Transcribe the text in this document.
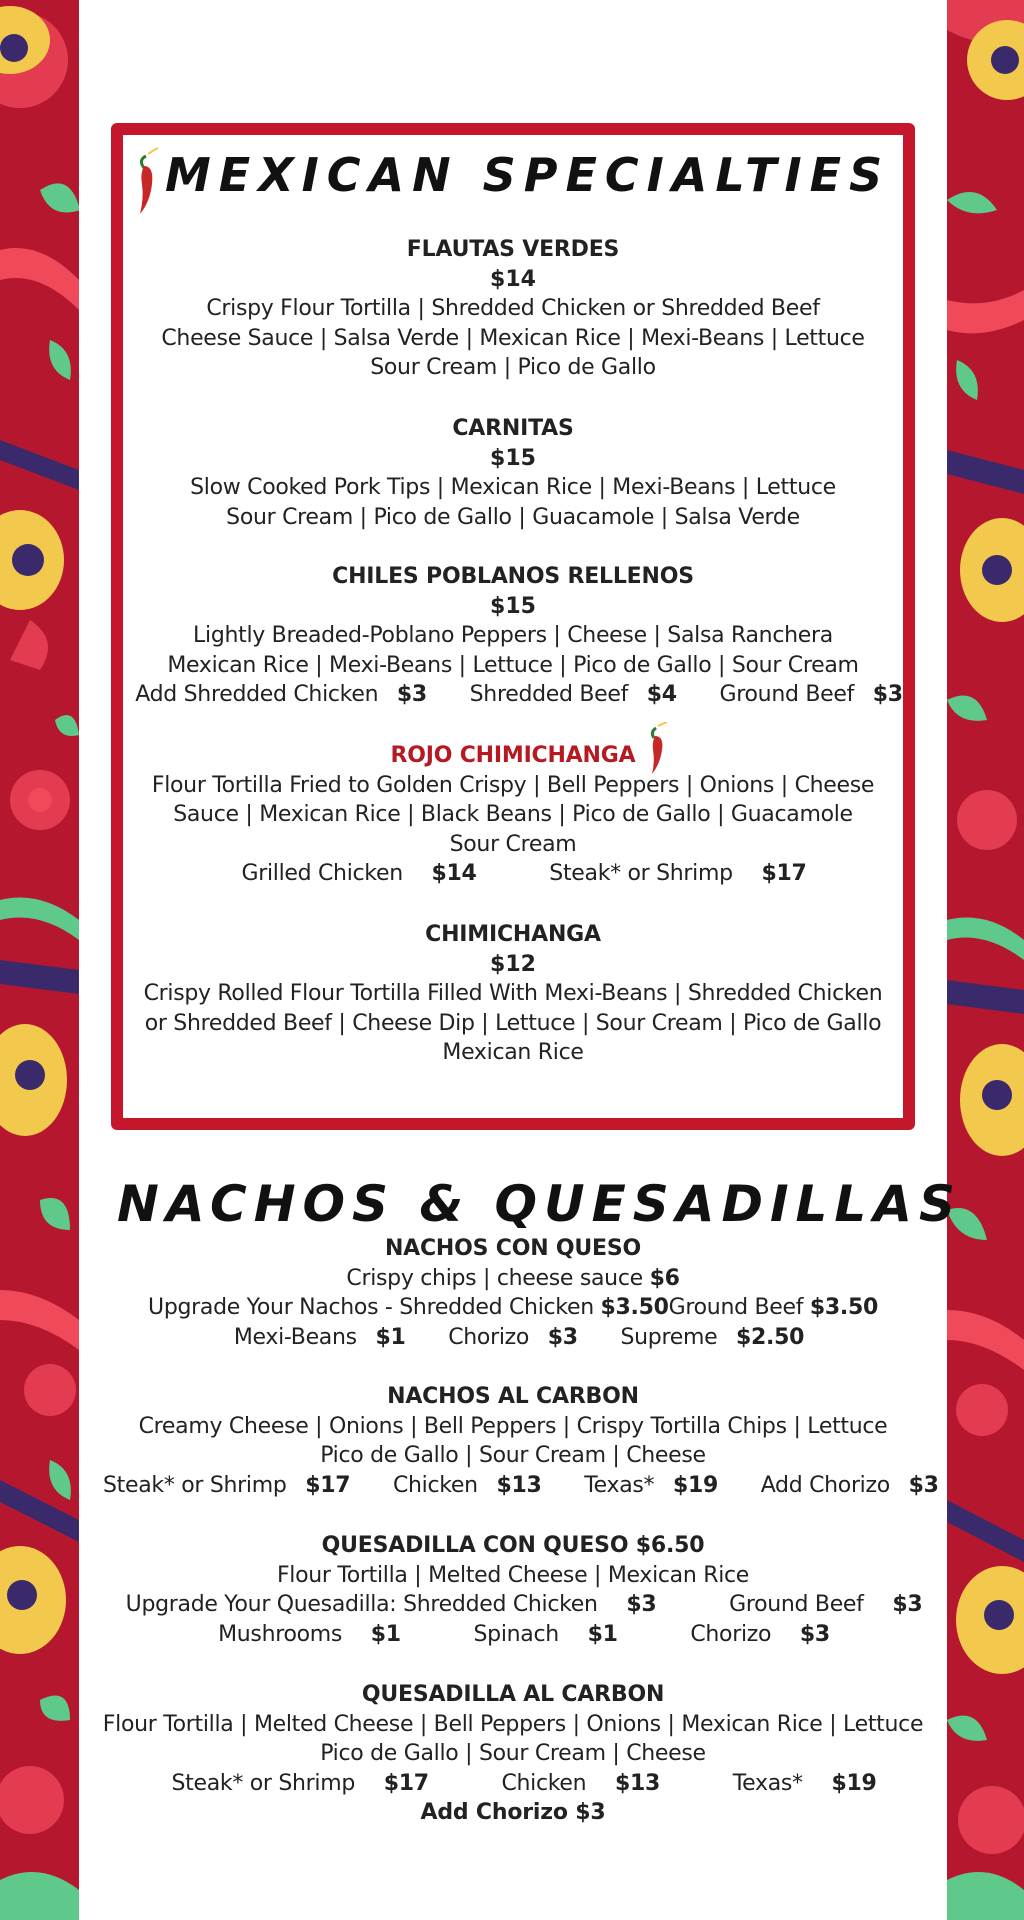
MEXICAN SPECIALTIES
FLAUTAS VERDES
$14
Crispy Flour Tortilla | Shredded Chicken or Shredded Beef
Cheese Sauce | Salsa Verde | Mexican Rice | Mexi-Beans | Lettuce
Sour Cream | Pico de Gallo
CARNITAS
$15
Slow Cooked Pork Tips | Mexican Rice | Mexi-Beans | Lettuce
Sour Cream | Pico de Gallo | Guacamole | Salsa Verde
CHILES POBLANOS RELLENOS
$15
Lightly Breaded-Poblano Peppers | Cheese | Salsa Ranchera
Mexican Rice | Mexi-Beans | Lettuce | Pico de Gallo | Sour Cream
Add Shredded Chicken $3 Shredded Beef $4 Ground Beef $3
ROJO CHIMICHANGA
Flour Tortilla Fried to Golden Crispy | Bell Peppers | Onions | Cheese
Sauce | Mexican Rice | Black Beans | Pico de Gallo | Guacamole
Sour Cream
Grilled Chicken $14	Steak* or Shrimp $17
CHIMICHANGA
$12
Crispy Rolled Flour Tortilla Filled With Mexi-Beans | Shredded Chicken
or Shredded Beef | Cheese Dip | Lettuce | Sour Cream | Pico de Gallo
Mexican Rice
NACHOS & QUESADILLAS
NACHOS CON QUESO
Crispy chips | cheese sauce $6
Upgrade Your Nachos - Shredded Chicken $3.50Ground Beef $3.50
Mexi-Beans $1 Chorizo $3 Supreme $2.50
NACHOS AL CARBON
Creamy Cheese | Onions | Bell Peppers | Crispy Tortilla Chips | Lettuce
Pico de Gallo | Sour Cream | Cheese
Steak* or Shrimp $17 Chicken $13 Texas* $19 Add Chorizo $3
QUESADILLA CON QUESO $6.50
Flour Tortilla | Melted Cheese | Mexican Rice
Upgrade Your Quesadilla: Shredded Chicken $3	Ground Beef $3
Mushrooms $1	Spinach $1	Chorizo $3
QUESADILLA AL CARBON
Flour Tortilla | Melted Cheese | Bell Peppers | Onions | Mexican Rice | Lettuce
Pico de Gallo | Sour Cream | Cheese
Steak* or Shrimp $17	Chicken $13	Texas* $19
Add Chorizo $3
